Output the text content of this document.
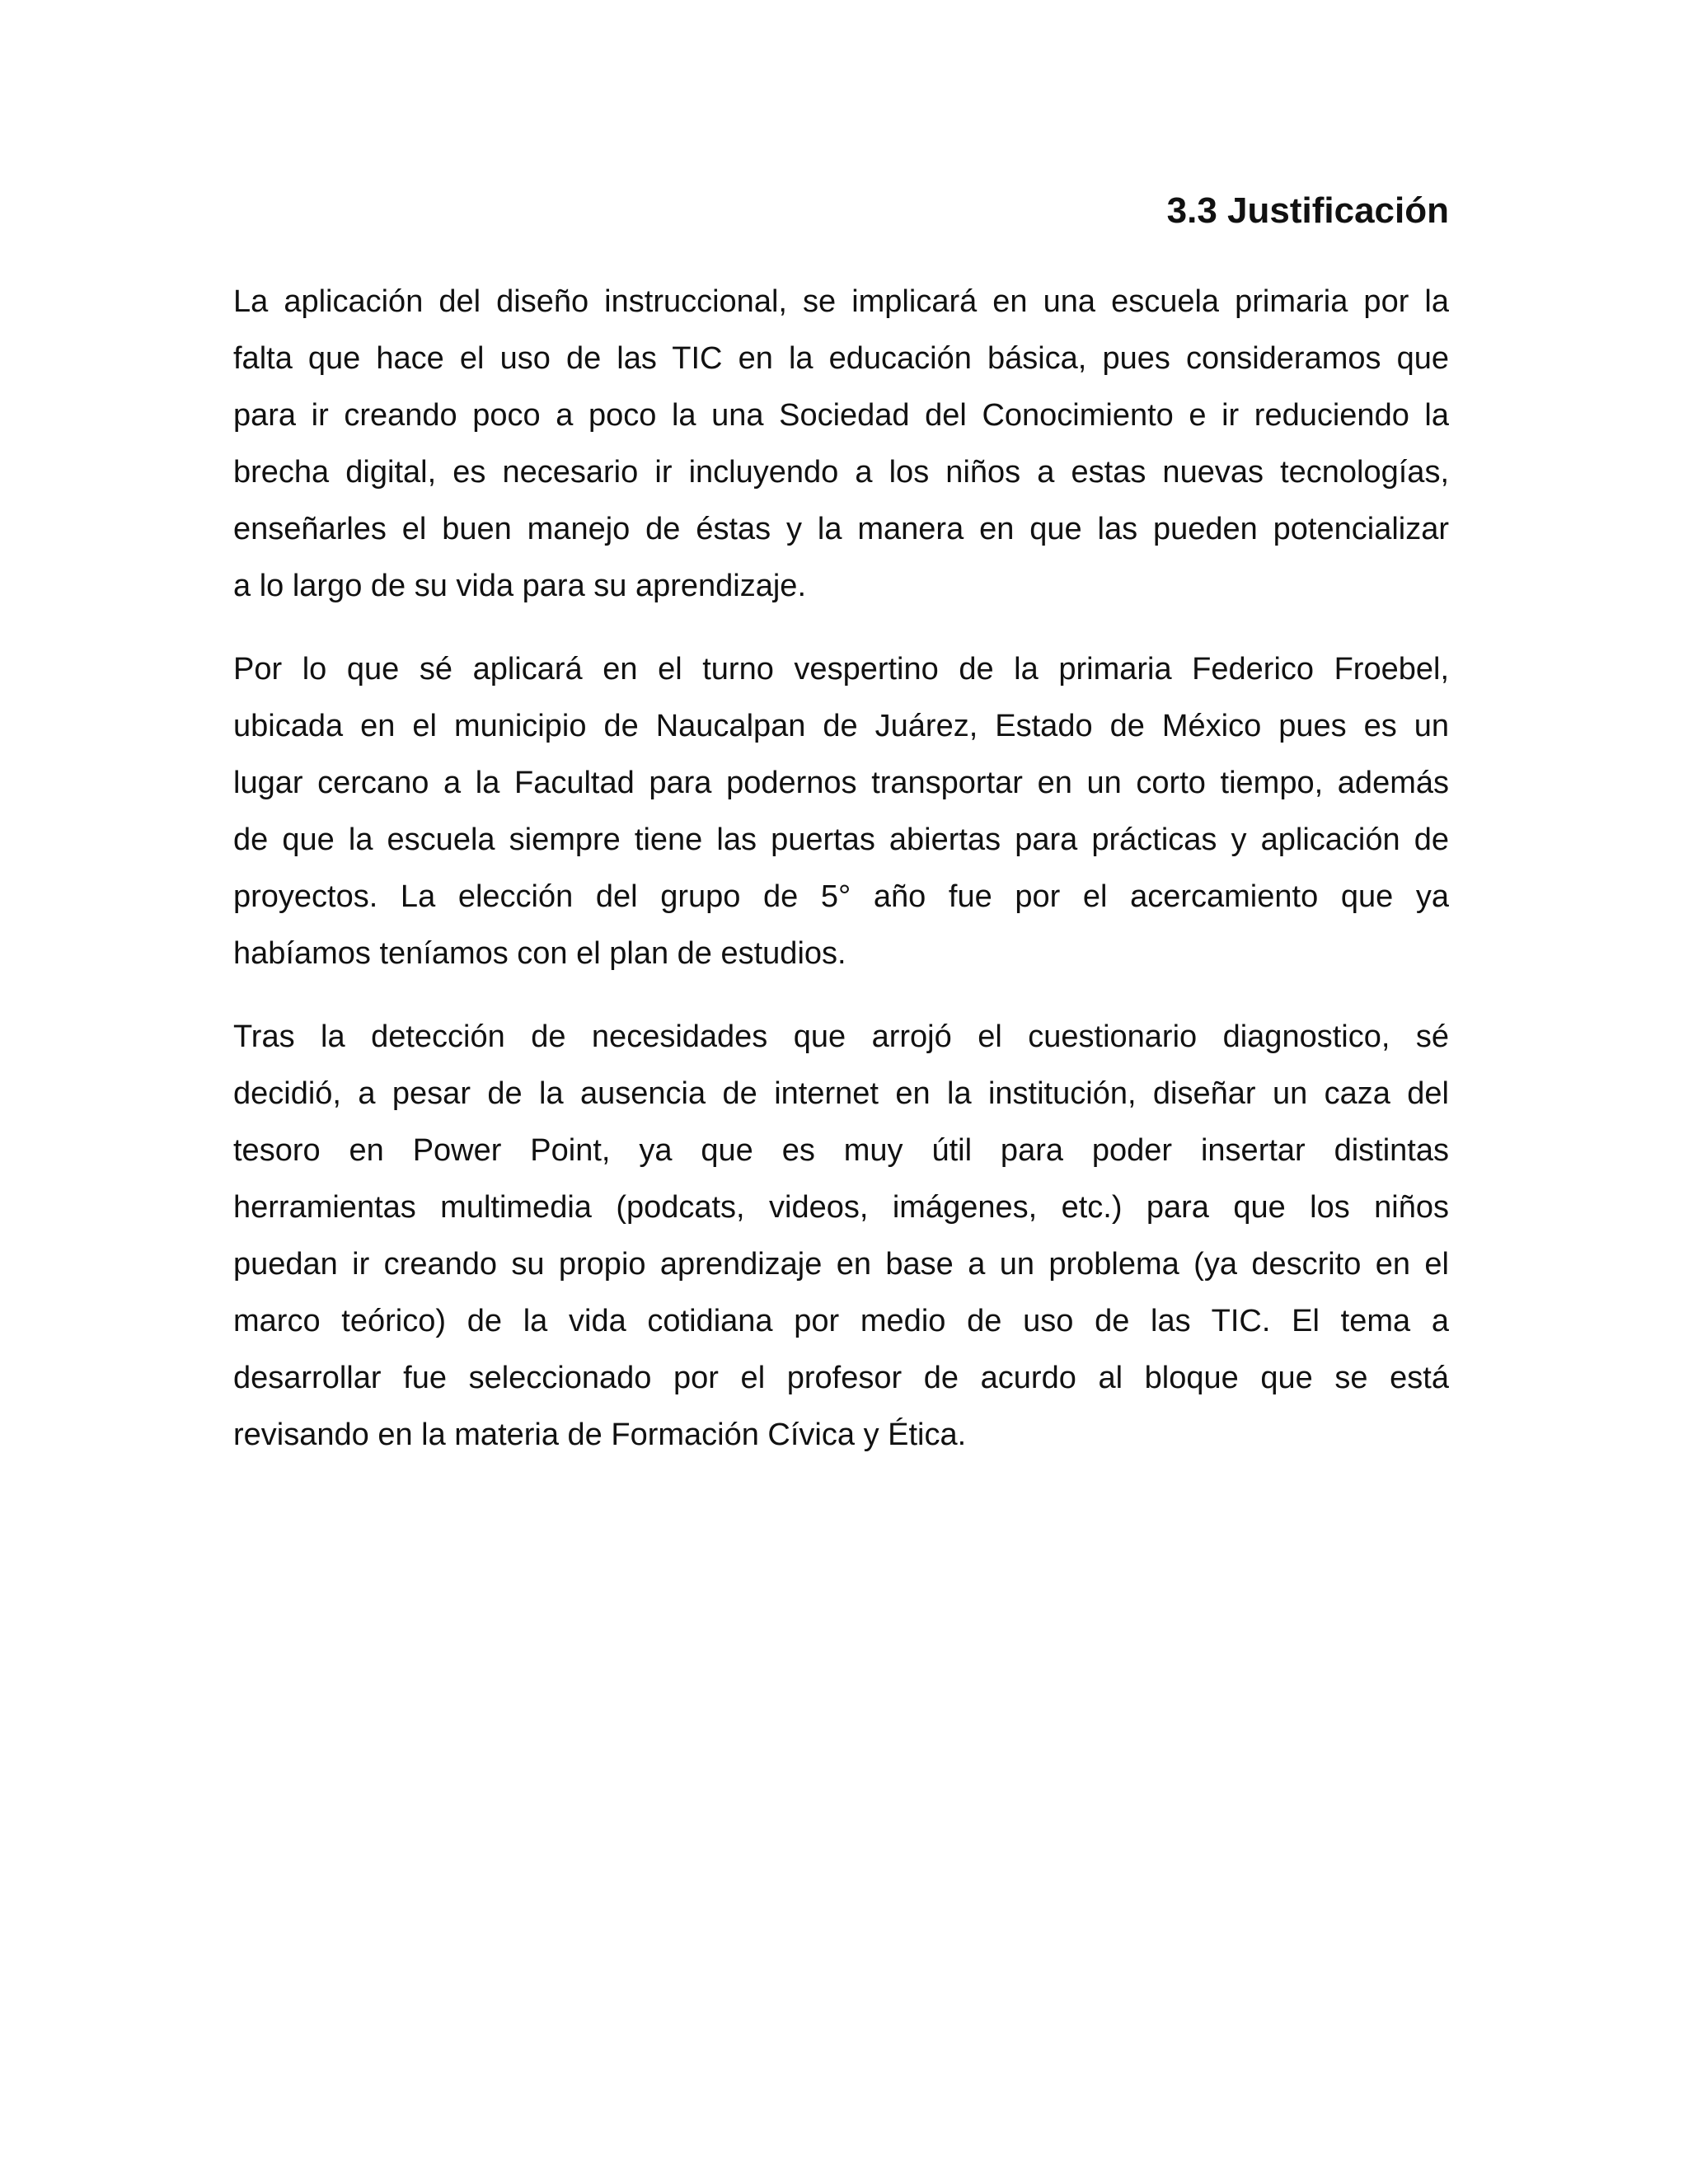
3.3 Justificación
La aplicación del diseño instruccional, se implicará en una escuela primaria por la
falta que hace el uso de las TIC en la educación básica, pues consideramos que
para ir creando poco a poco la una Sociedad del Conocimiento e ir reduciendo la
brecha digital, es necesario ir incluyendo a los niños a estas nuevas tecnologías,
enseñarles el buen manejo de éstas y la manera en que las pueden potencializar
a lo largo de su vida para su aprendizaje.
Por lo que sé aplicará en el turno vespertino de la primaria Federico Froebel,
ubicada en el municipio de Naucalpan de Juárez, Estado de México pues es un
lugar cercano a la Facultad para podernos transportar en un corto tiempo, además
de que la escuela siempre tiene las puertas abiertas para prácticas y aplicación de
proyectos. La elección del grupo de 5° año fue por el acercamiento que ya
habíamos teníamos con el plan de estudios.
Tras la detección de necesidades que arrojó el cuestionario diagnostico, sé
decidió, a pesar de la ausencia de internet en la institución, diseñar un caza del
tesoro en Power Point, ya que es muy útil para poder insertar distintas
herramientas multimedia (podcats, videos, imágenes, etc.) para que los niños
puedan ir creando su propio aprendizaje en base a un problema (ya descrito en el
marco teórico) de la vida cotidiana por medio de uso de las TIC. El tema a
desarrollar fue seleccionado por el profesor de acurdo al bloque que se está
revisando en la materia de Formación Cívica y Ética.
